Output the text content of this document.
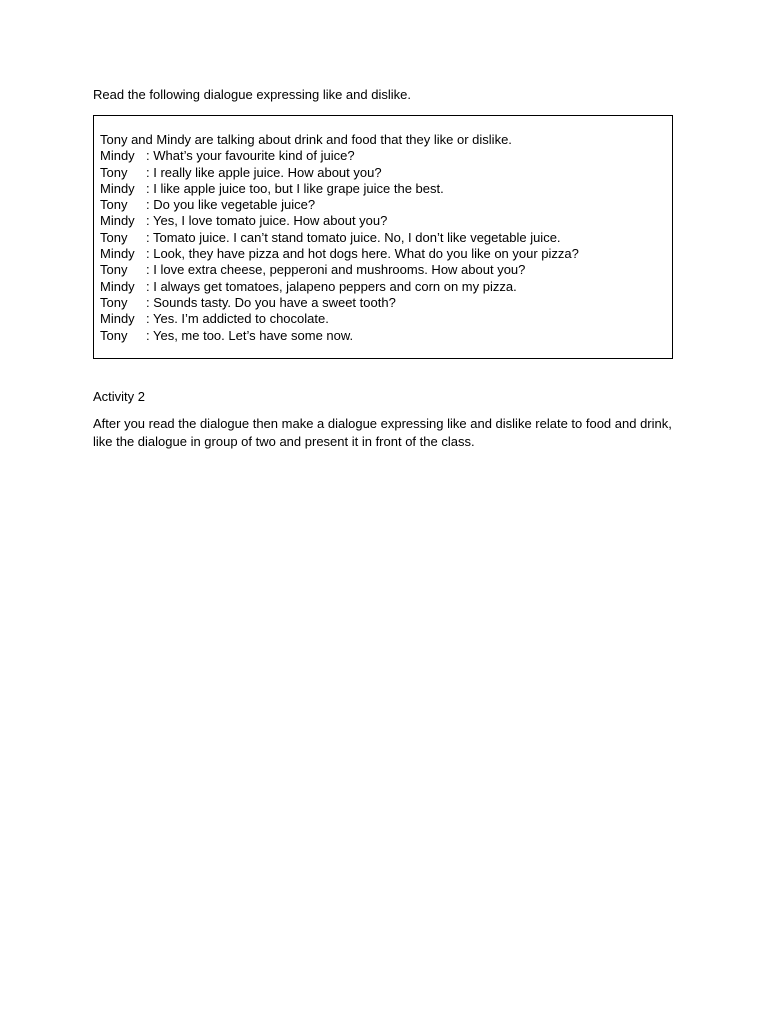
Read the following dialogue expressing like and dislike.
Tony and Mindy are talking about drink and food that they like or dislike.
Mindy : What’s your favourite kind of juice?
Tony	: I really like apple juice. How about you?
Mindy : I like apple juice too, but I like grape juice the best.
Tony	: Do you like vegetable juice?
Mindy : Yes, I love tomato juice. How about you?
Tony	: Tomato juice. I can’t stand tomato juice. No, I don’t like vegetable juice.
Mindy : Look, they have pizza and hot dogs here. What do you like on your pizza?
Tony	: I love extra cheese, pepperoni and mushrooms. How about you?
Mindy : I always get tomatoes, jalapeno peppers and corn on my pizza.
Tony	: Sounds tasty. Do you have a sweet tooth?
Mindy : Yes. I’m addicted to chocolate.
Tony	: Yes, me too. Let’s have some now.
Activity 2
After you read the dialogue then make a dialogue expressing like and dislike relate to food and drink, like the dialogue in group of two and present it in front of the class.
